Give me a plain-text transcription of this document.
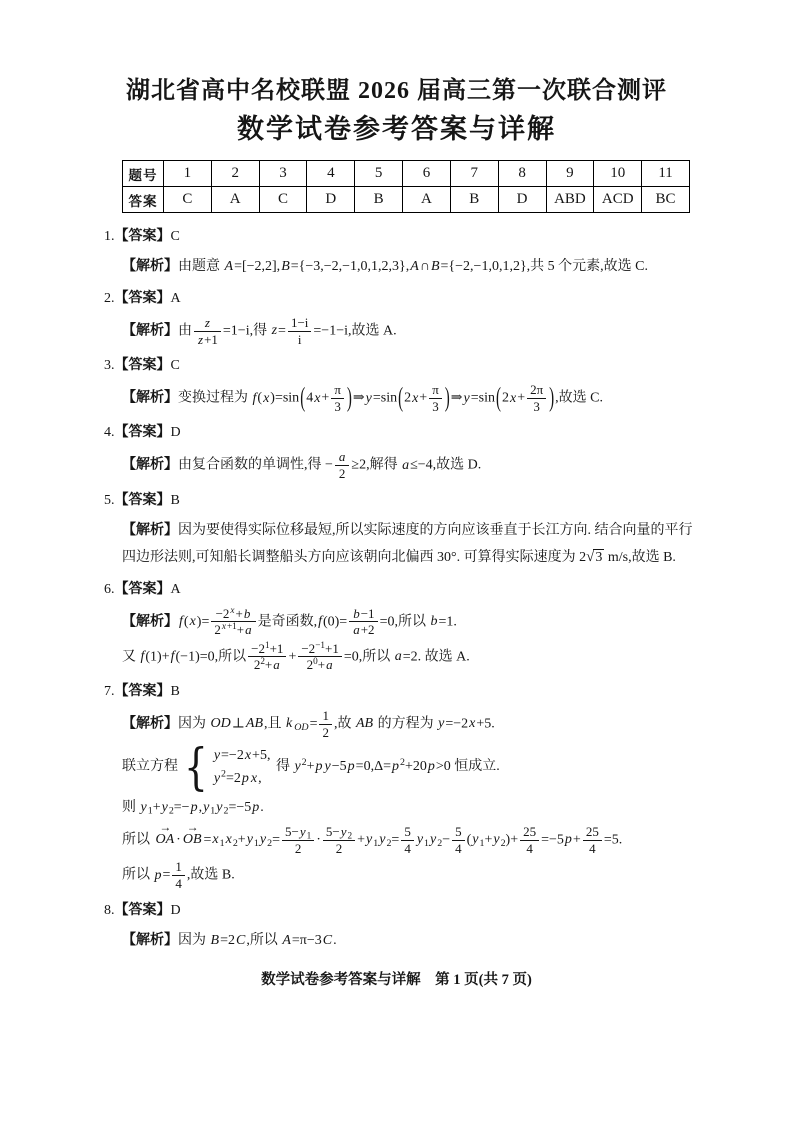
湖北省高中名校联盟 2026 届高三第一次联合测评
数学试卷参考答案与详解
题号	1	2	3	4	5	6	7	8	9	10	11
答案	C	A	C	D	B	A	B	D	ABD	ACD	BC
1.【答案】C
【解析】由题意 A=[−2,2],B={−3,−2,−1,0,1,2,3},A∩B={−2,−1,0,1,2},共 5 个元素,故选 C.
2.【答案】A
【解析】由 $\frac{z}{z+1} =1-i$,得 $z= \frac{1-i}{i} =-1-i$,故选 A.
3.【答案】C
【解析】变换过程为 $f(x)=\sin(4x+ \frac{\pi}{3}$ )⇒y=sin(2x+ $\frac{\pi}{3}$ )⇒y=sin(2x+ $\frac{2\pi}{3}$ ),故选 C.
4.【答案】D
【解析】由复合函数的单调性,得 − $\frac{a}{2} \ge 2$,解得 a≤−4,故选 D.
5.【答案】B
【解析】因为要使得实际位移最短,所以实际速度的方向应该垂直于长江方向. 结合向量的平行四边形法则,可知船长调整船头方向应该朝向北偏西 30°. 可算得实际速度为 2√3 m/s,故选 B.
6.【答案】A
【解析】$f(x)= \frac{-2^x+b}{2^{x+1}+a}$ 是奇函数$,f(0)= \frac{b-1}{a+2} =0$,所以 b=1.
又 f(1)+f(−1)=0,所以 $\frac{-2^1+1}{2^2+a} + \frac{-2^{-1}+1}{2^0+a} =0$,所以 a=2. 故选 A.
7.【答案】B
【解析】因为 OD⊥AB,且 k $_{OD}= \frac{1}{2}$ ,故 AB 的方程为 y=−2x+5.
联立方程 { y=−2x+5,
$y^2=2p$ x,
得 $y^2+p$ $y-5p=0,\Delta=p^2+20p>0$ 恒成立.
则 $y_1+y_2=-p,y_1y_2=-5p$.
所以
→
OA ·
→
OB $=x_1x_2+y_1y_2= \frac{5-y_1}{2} \cdot \frac{5-y_2}{2} +y_1y_2= \frac{5}{4} y_1y_2- \frac{5}{4} (y_1+y_2)+ \frac{25}{4} =-5p+ \frac{25}{4} =5$.
所以 $p= \frac{1}{4}$ ,故选 B.
8.【答案】D
【解析】因为 B=2C,所以 A=π−3C.
数学试卷参考答案与详解　第 1 页(共 7 页)
